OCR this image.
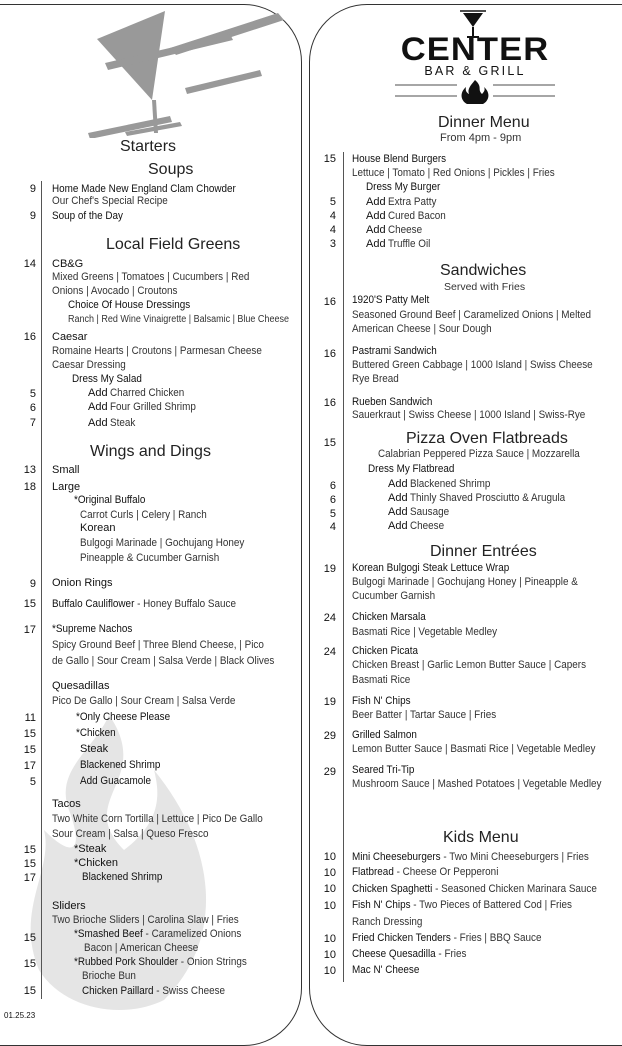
01.25.23
Starters
Soups
9 Home Made New England Clam Chowder
Our Chef's Special Recipe
9 Soup of the Day
Local Field Greens
14 CB&G
Mixed Greens | Tomatoes | Cucumbers | Red
Onions | Avocado | Croutons
Choice Of House Dressings
Ranch | Red Wine Vinaigrette | Balsamic | Blue Cheese
16 Caesar
Romaine Hearts | Croutons | Parmesan Cheese
Caesar Dressing
Dress My Salad
5	Add Charred Chicken
6	Add Four Grilled Shrimp
7	Add Steak
Wings and Dings
13 Small
18 Large
*Original Buffalo
Carrot Curls | Celery | Ranch
Korean
Bulgogi Marinade | Gochujang Honey
Pineapple & Cucumber Garnish
9 Onion Rings
15 Buffalo Cauliflower - Honey Buffalo Sauce
17 *Supreme Nachos
Spicy Ground Beef | Three Blend Cheese, | Pico
de Gallo | Sour Cream | Salsa Verde | Black Olives
Quesadillas
Pico De Gallo | Sour Cream | Salsa Verde
11	*Only Cheese Please
15	*Chicken
15	Steak
17	Blackened Shrimp
5	Add Guacamole
Tacos
Two White Corn Tortilla | Lettuce | Pico De Gallo
Sour Cream | Salsa | Queso Fresco
15	*Steak
15	*Chicken
17	Blackened Shrimp
Sliders
Two Brioche Sliders | Carolina Slaw | Fries
15	*Smashed Beef - Caramelized Onions
Bacon | American Cheese
15	*Rubbed Pork Shoulder - Onion Strings
Brioche Bun
15	Chicken Paillard - Swiss Cheese
CENTER
BAR & GRILL
Dinner Menu
From 4pm - 9pm
15 House Blend Burgers
Lettuce | Tomato | Red Onions | Pickles | Fries
Dress My Burger
5	Add Extra Patty
4	Add Cured Bacon
4	Add Cheese
3	Add Truffle Oil
Sandwiches
Served with Fries
16 1920'S Patty Melt
Seasoned Ground Beef | Caramelized Onions | Melted
American Cheese | Sour Dough
16 Pastrami Sandwich
Buttered Green Cabbage | 1000 Island | Swiss Cheese
Rye Bread
16 Rueben Sandwich
Sauerkraut | Swiss Cheese | 1000 Island | Swiss-Rye
15	Pizza Oven Flatbreads
Calabrian Peppered Pizza Sauce | Mozzarella
Dress My Flatbread
6	Add Blackened Shrimp
6	Add Thinly Shaved Prosciutto & Arugula
5	Add Sausage
4	Add Cheese
Dinner Entrées
19 Korean Bulgogi Steak Lettuce Wrap
Bulgogi Marinade | Gochujang Honey | Pineapple &
Cucumber Garnish
24 Chicken Marsala
Basmati Rice | Vegetable Medley
24 Chicken Picata
Chicken Breast | Garlic Lemon Butter Sauce | Capers
Basmati Rice
19 Fish N' Chips
Beer Batter | Tartar Sauce | Fries
29 Grilled Salmon
Lemon Butter Sauce | Basmati Rice | Vegetable Medley
29 Seared Tri-Tip
Mushroom Sauce | Mashed Potatoes | Vegetable Medley
Kids Menu
10 Mini Cheeseburgers - Two Mini Cheeseburgers | Fries
10 Flatbread - Cheese Or Pepperoni
10 Chicken Spaghetti - Seasoned Chicken Marinara Sauce
10 Fish N' Chips - Two Pieces of Battered Cod | Fries
Ranch Dressing
10 Fried Chicken Tenders - Fries | BBQ Sauce
10 Cheese Quesadilla - Fries
10 Mac N' Cheese
